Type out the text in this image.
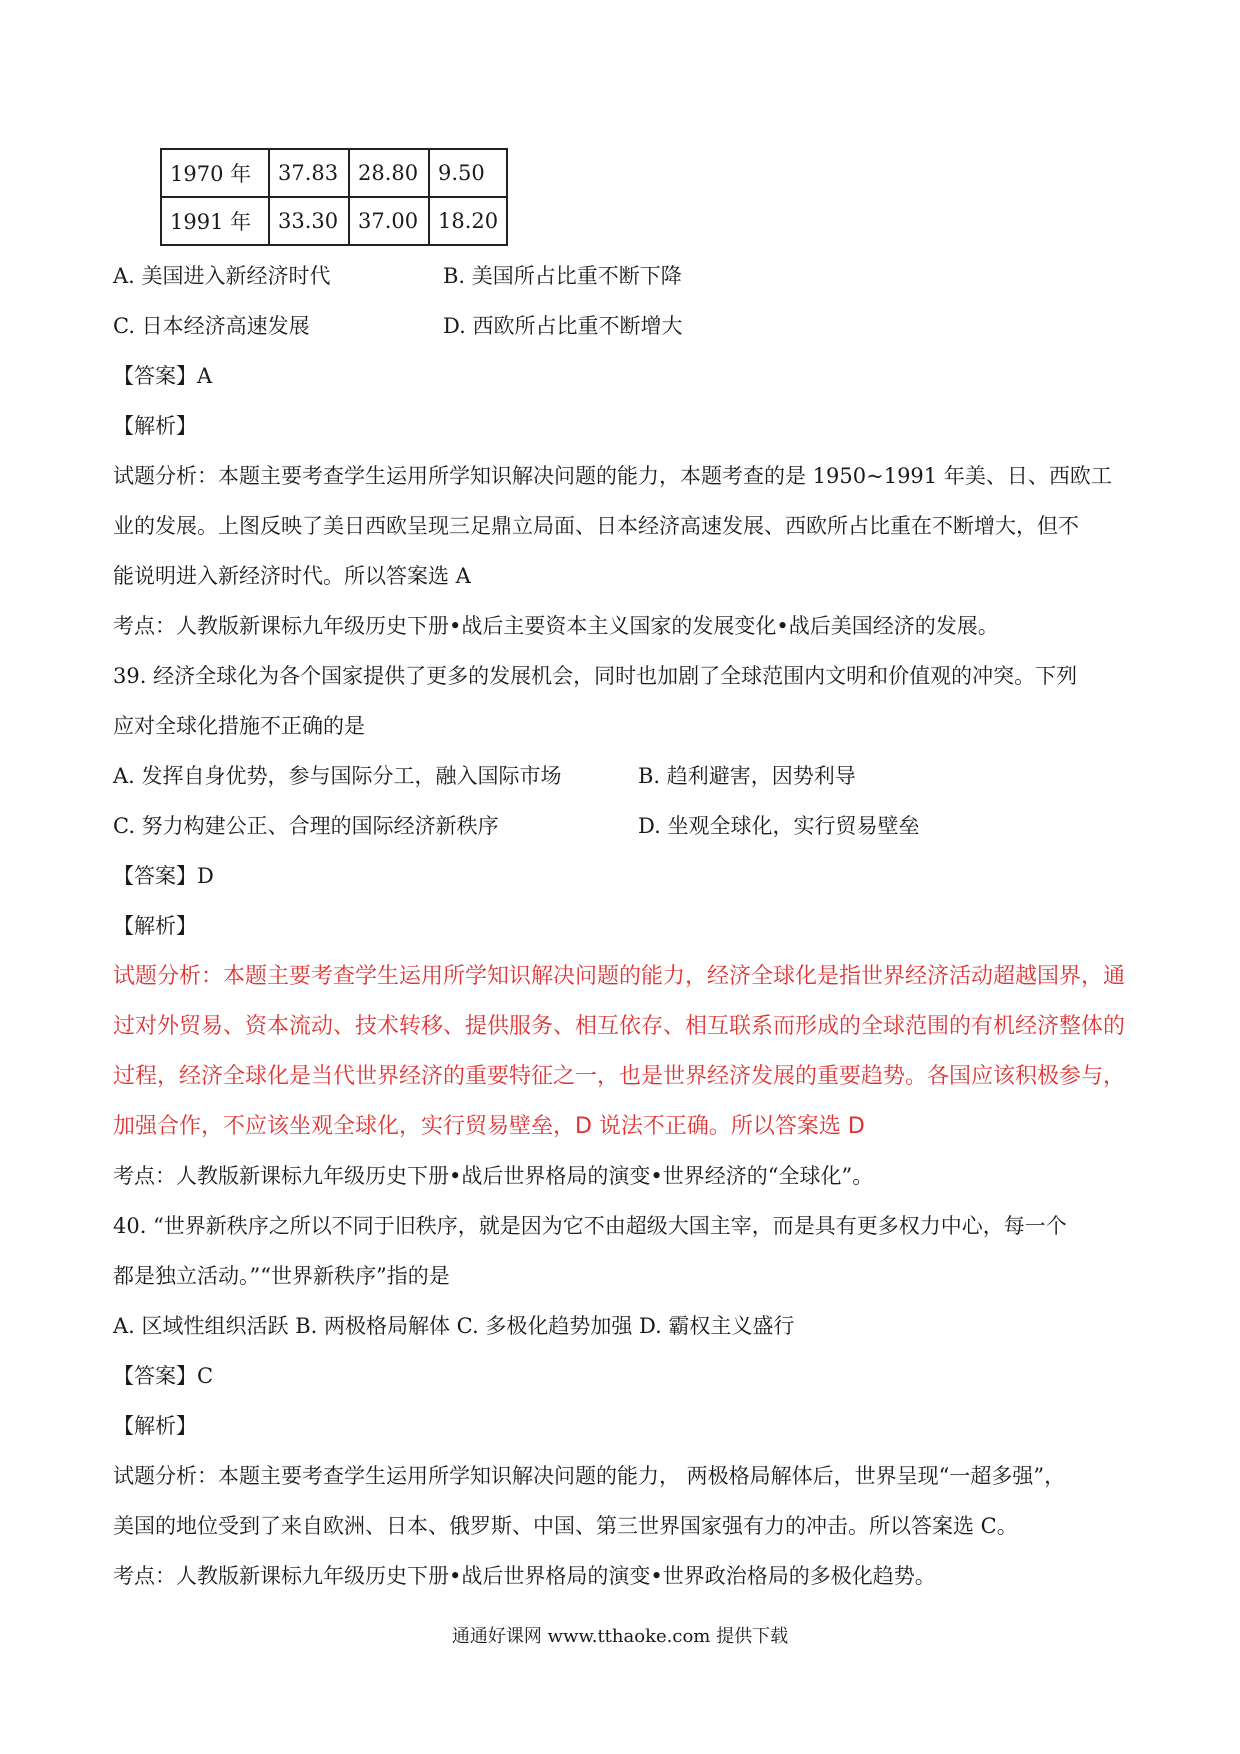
1970 年	37.83	28.80	9.50
1991 年	33.30	37.00	18.20
A. 美国进入新经济时代	B. 美国所占比重不断下降
C. 日本经济高速发展	D. 西欧所占比重不断增大
【答案】A
【解析】
试题分析：本题主要考查学生运用所学知识解决问题的能力，本题考查的是 1950~1991 年美、日、西欧工
业的发展。上图反映了美日西欧呈现三足鼎立局面、日本经济高速发展、西欧所占比重在不断增大，但不
能说明进入新经济时代。所以答案选 A
考点：人教版新课标九年级历史下册•战后主要资本主义国家的发展变化•战后美国经济的发展。
39. 经济全球化为各个国家提供了更多的发展机会，同时也加剧了全球范围内文明和价值观的冲突。下列
应对全球化措施不正确的是
A. 发挥自身优势，参与国际分工，融入国际市场	B. 趋利避害，因势利导
C. 努力构建公正、合理的国际经济新秩序	D. 坐观全球化，实行贸易壁垒
【答案】D
【解析】
试题分析：本题主要考查学生运用所学知识解决问题的能力，经济全球化是指世界经济活动超越国界，通
过对外贸易、资本流动、技术转移、提供服务、相互依存、相互联系而形成的全球范围的有机经济整体的
过程，经济全球化是当代世界经济的重要特征之一，也是世界经济发展的重要趋势。各国应该积极参与，
加强合作，不应该坐观全球化，实行贸易壁垒，D 说法不正确。所以答案选 D
考点：人教版新课标九年级历史下册•战后世界格局的演变•世界经济的“全球化”。
40. “世界新秩序之所以不同于旧秩序，就是因为它不由超级大国主宰，而是具有更多权力中心，每一个
都是独立活动。”“世界新秩序”指的是
A. 区域性组织活跃 B. 两极格局解体 C. 多极化趋势加强 D. 霸权主义盛行
【答案】C
【解析】
试题分析：本题主要考查学生运用所学知识解决问题的能力， 两极格局解体后，世界呈现“一超多强”，
美国的地位受到了来自欧洲、日本、俄罗斯、中国、第三世界国家强有力的冲击。所以答案选 C。
考点：人教版新课标九年级历史下册•战后世界格局的演变•世界政治格局的多极化趋势。
通通好课网 www.tthaoke.com 提供下载
